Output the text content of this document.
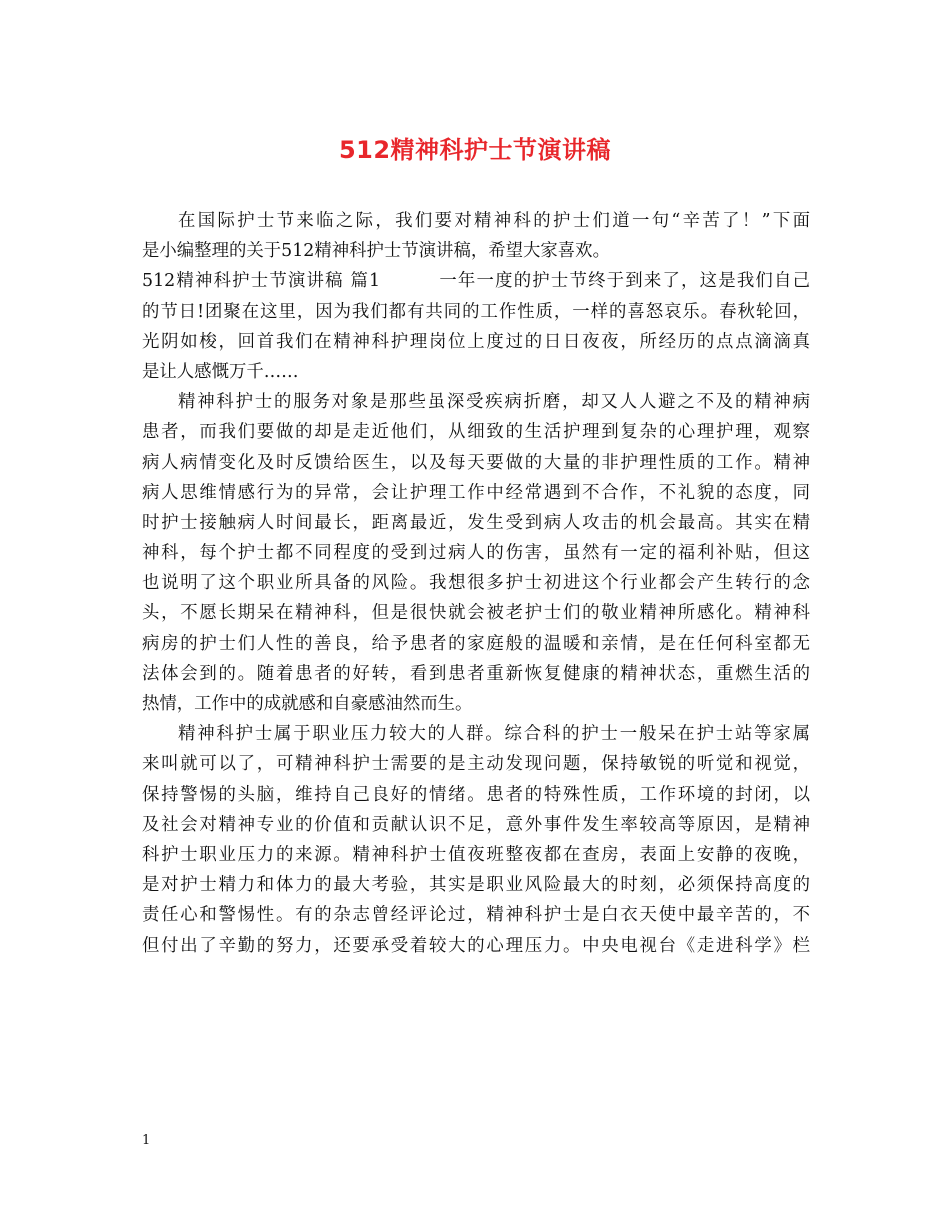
512精神科护士节演讲稿
在国际护士节来临之际，我们要对精神科的护士们道一句“辛苦了！”下面
是小编整理的关于512精神科护士节演讲稿，希望大家喜欢。
512精神科护士节演讲稿 篇1	一年一度的护士节终于到来了，这是我们自己
的节日!团聚在这里，因为我们都有共同的工作性质，一样的喜怒哀乐。春秋轮回，
光阴如梭，回首我们在精神科护理岗位上度过的日日夜夜，所经历的点点滴滴真
是让人感慨万千……
精神科护士的服务对象是那些虽深受疾病折磨，却又人人避之不及的精神病
患者，而我们要做的却是走近他们，从细致的生活护理到复杂的心理护理，观察
病人病情变化及时反馈给医生，以及每天要做的大量的非护理性质的工作。精神
病人思维情感行为的异常，会让护理工作中经常遇到不合作，不礼貌的态度，同
时护士接触病人时间最长，距离最近，发生受到病人攻击的机会最高。其实在精
神科，每个护士都不同程度的受到过病人的伤害，虽然有一定的福利补贴，但这
也说明了这个职业所具备的风险。我想很多护士初进这个行业都会产生转行的念
头，不愿长期呆在精神科，但是很快就会被老护士们的敬业精神所感化。精神科
病房的护士们人性的善良，给予患者的家庭般的温暖和亲情，是在任何科室都无
法体会到的。随着患者的好转，看到患者重新恢复健康的精神状态，重燃生活的
热情，工作中的成就感和自豪感油然而生。
精神科护士属于职业压力较大的人群。综合科的护士一般呆在护士站等家属
来叫就可以了，可精神科护士需要的是主动发现问题，保持敏锐的听觉和视觉，
保持警惕的头脑，维持自己良好的情绪。患者的特殊性质，工作环境的封闭，以
及社会对精神专业的价值和贡献认识不足，意外事件发生率较高等原因，是精神
科护士职业压力的来源。精神科护士值夜班整夜都在查房，表面上安静的夜晚，
是对护士精力和体力的最大考验，其实是职业风险最大的时刻，必须保持高度的
责任心和警惕性。有的杂志曾经评论过，精神科护士是白衣天使中最辛苦的，不
但付出了辛勤的努力，还要承受着较大的心理压力。中央电视台《走进科学》栏
1
